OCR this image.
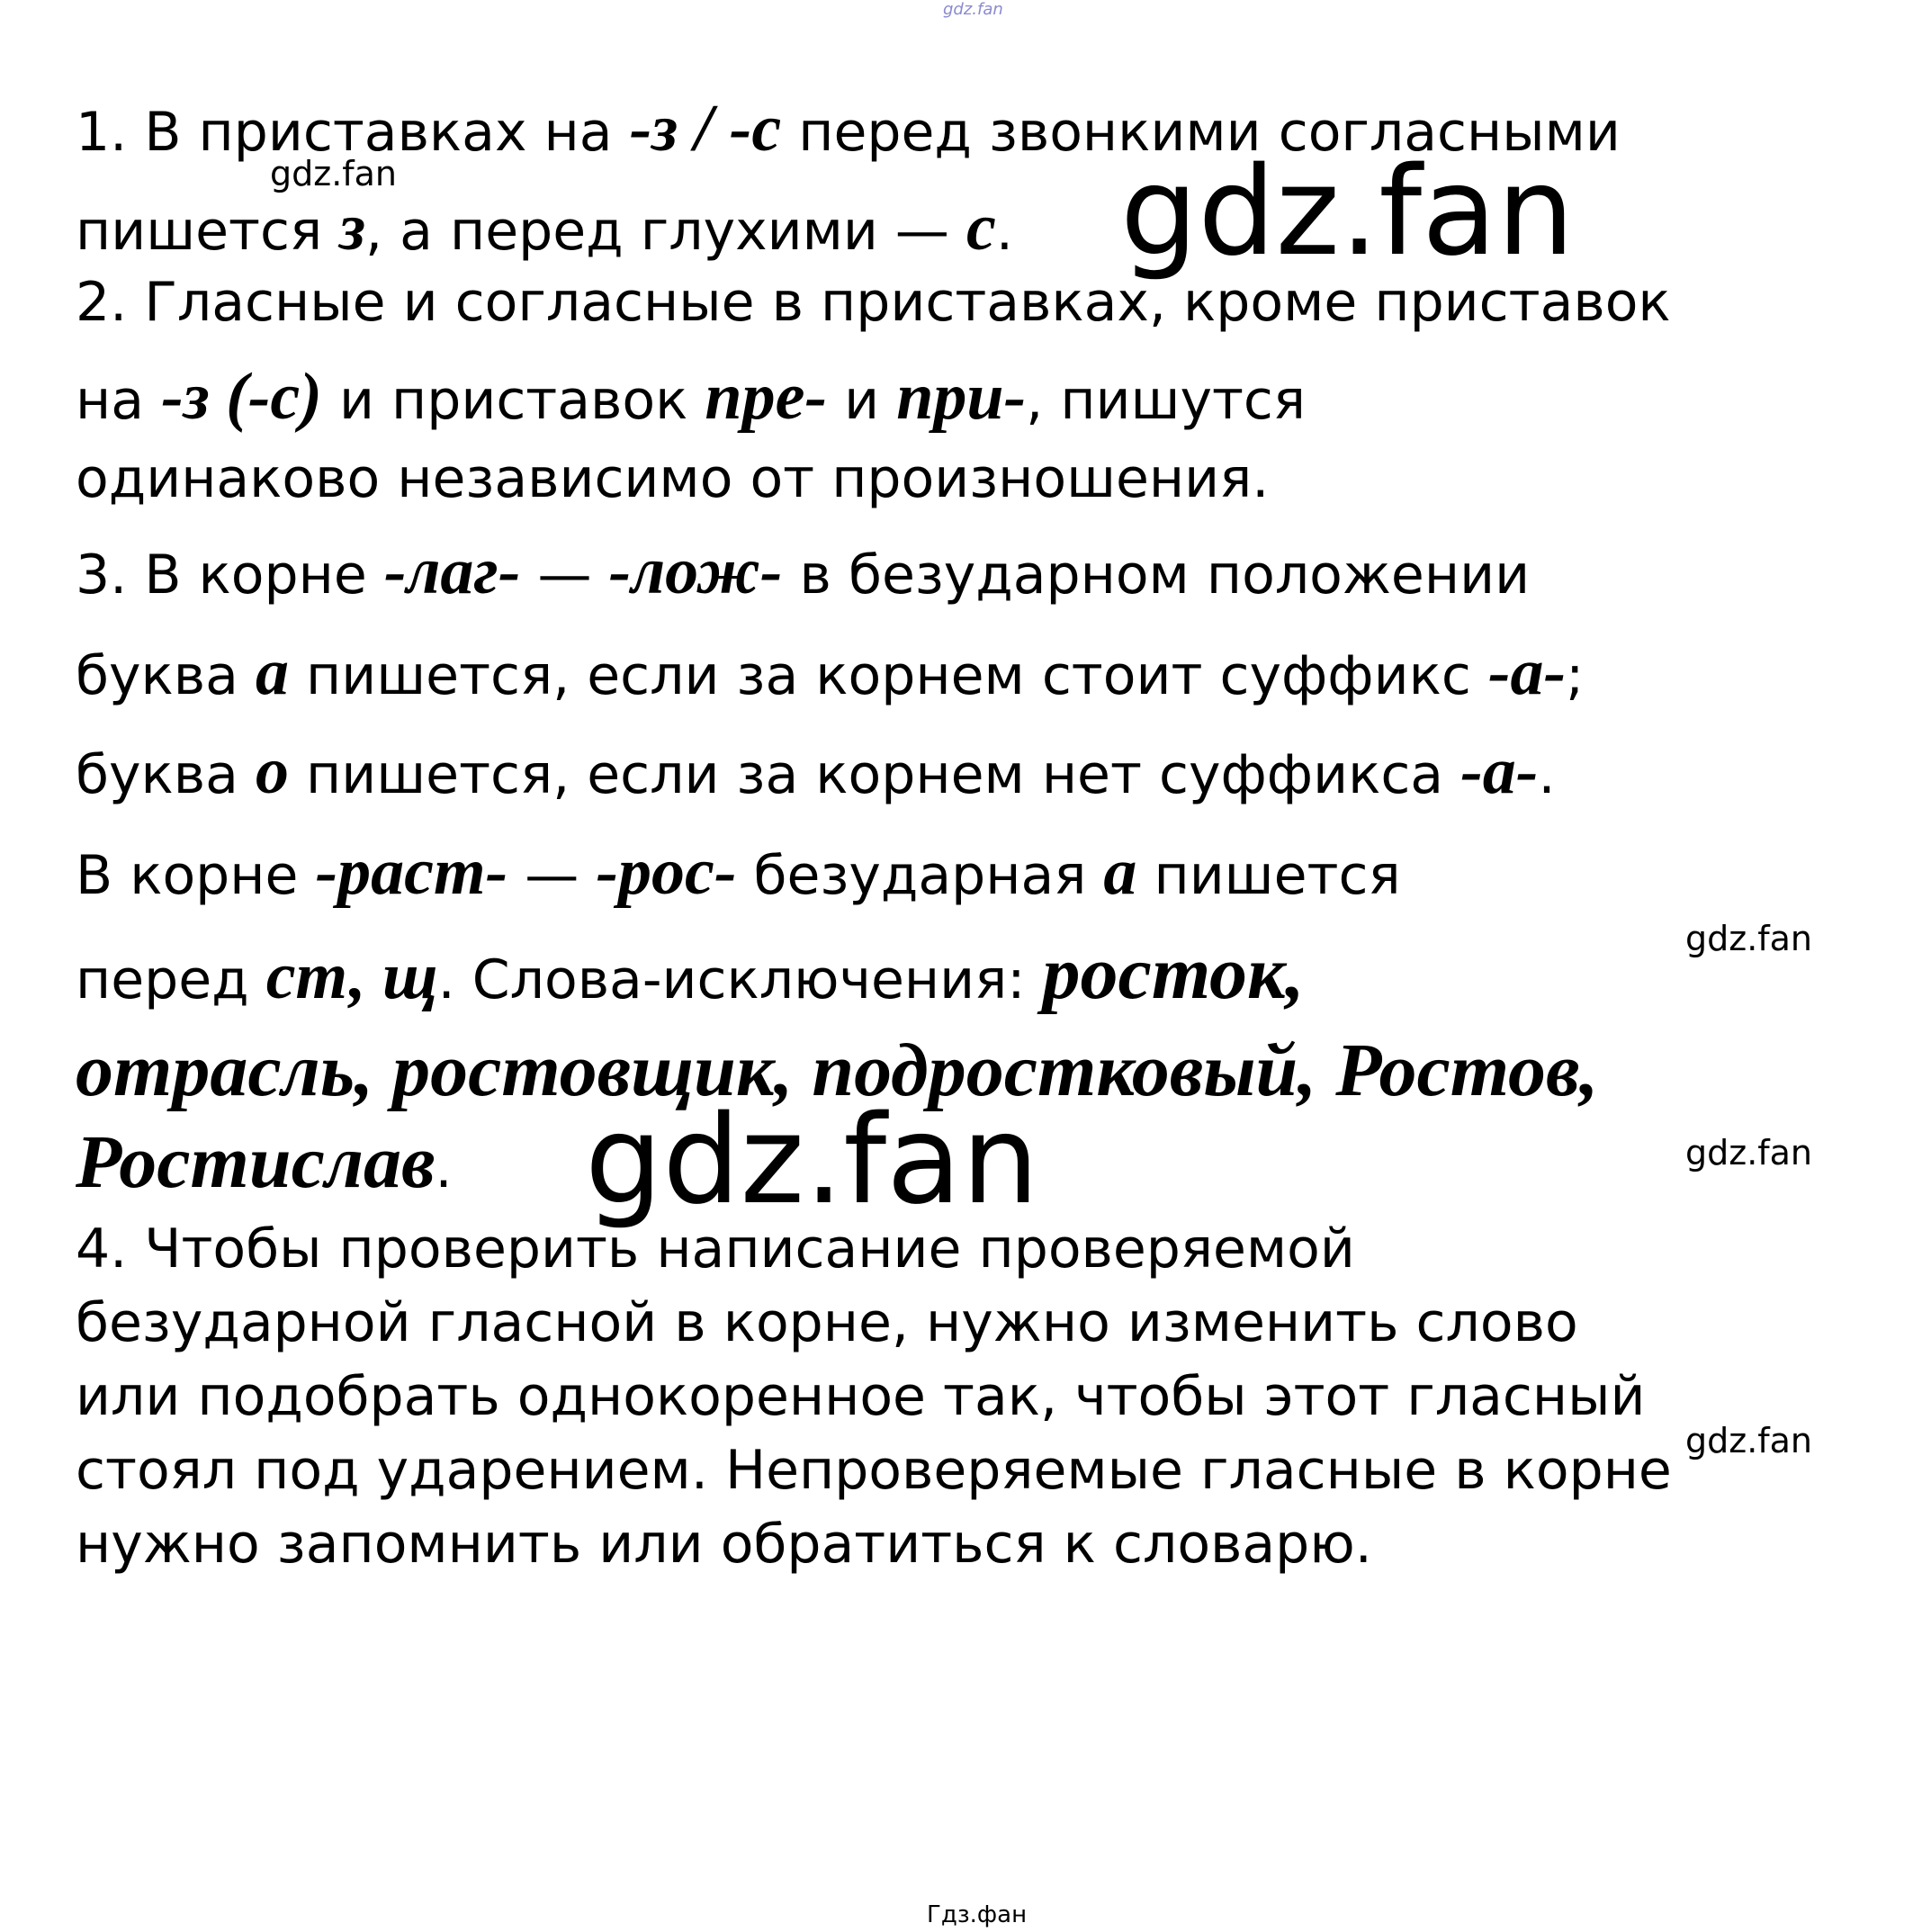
gdz.fan
gdz.fan	gdz.fan
gdz.fan
gdz.fan
gdz.fan
gdz.fan
Гдз.фан
1. В приставках на -з / -с перед звонкими согласными
пишется з, а перед глухими — с.
2. Гласные и согласные в приставках, кроме приставок
на -з (-с) и приставок пре- и при-, пишутся
одинаково независимо от произношения.
3. В корне -лаг- — -лож- в безударном положении
буква а пишется, если за корнем стоит суффикс -а-;
буква о пишется, если за корнем нет суффикса -а-.
В корне -раст- — -рос- безударная а пишется
перед ст, щ. Слова-исключения: росток,
отрасль, ростовщик, подростковый, Ростов,
Ростислав.
4. Чтобы проверить написание проверяемой
безударной гласной в корне, нужно изменить слово
или подобрать однокоренное так, чтобы этот гласный
стоял под ударением. Непроверяемые гласные в корне
нужно запомнить или обратиться к словарю.
